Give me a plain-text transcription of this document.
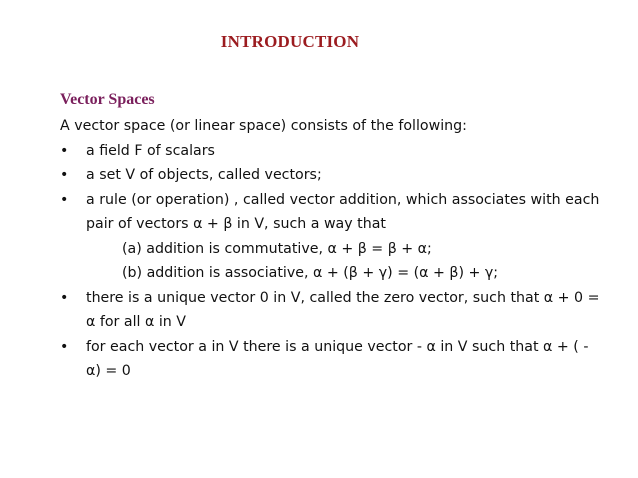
INTRODUCTION
Vector Spaces
A vector space (or linear space) consists of the following:
• a field F of scalars
• a set V of objects, called vectors;
• a rule (or operation) , called vector addition, which associates with each pair of vectors α + β in V, such a way that
(a) addition is commutative, α + β = β + α;
(b) addition is associative, α + (β + γ) = (α + β) + γ;
• there is a unique vector 0 in V, called the zero vector, such that α + 0 = α for all α in V
• for each vector a in V there is a unique vector - α in V such that α + ( - α) = 0
